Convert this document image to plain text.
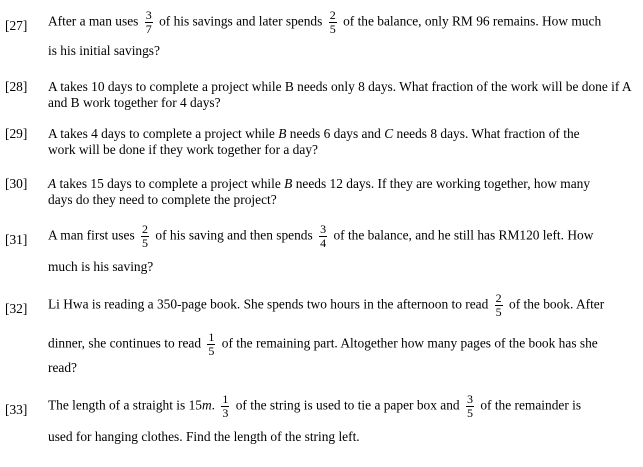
[27] After a man uses $\frac{3}{7}$ of his savings and later spends $\frac{2}{5}$ of the balance, only RM 96 remains. How much
is his initial savings?
[28] A takes 10 days to complete a project while B needs only 8 days. What fraction of the work will be done if A and B work together for 4 days?
[29] A takes 4 days to complete a project while B needs 6 days and C needs 8 days. What fraction of the
work will be done if they work together for a day?
[30] A takes 15 days to complete a project while B needs 12 days. If they are working together, how many
days do they need to complete the project?
[31] A man first uses $\frac{2}{5}$ of his saving and then spends $\frac{3}{4}$ of the balance, and he still has RM120 left. How
much is his saving?
[32] Li Hwa is reading a 350-page book. She spends two hours in the afternoon to read $\frac{2}{5}$ of the book. After
dinner, she continues to read $\frac{1}{5}$ of the remaining part. Altogether how many pages of the book has she
read?
[33] The length of a straight is 15m. $\frac{1}{3}$ of the string is used to tie a paper box and $\frac{3}{5}$ of the remainder is
used for hanging clothes. Find the length of the string left.
